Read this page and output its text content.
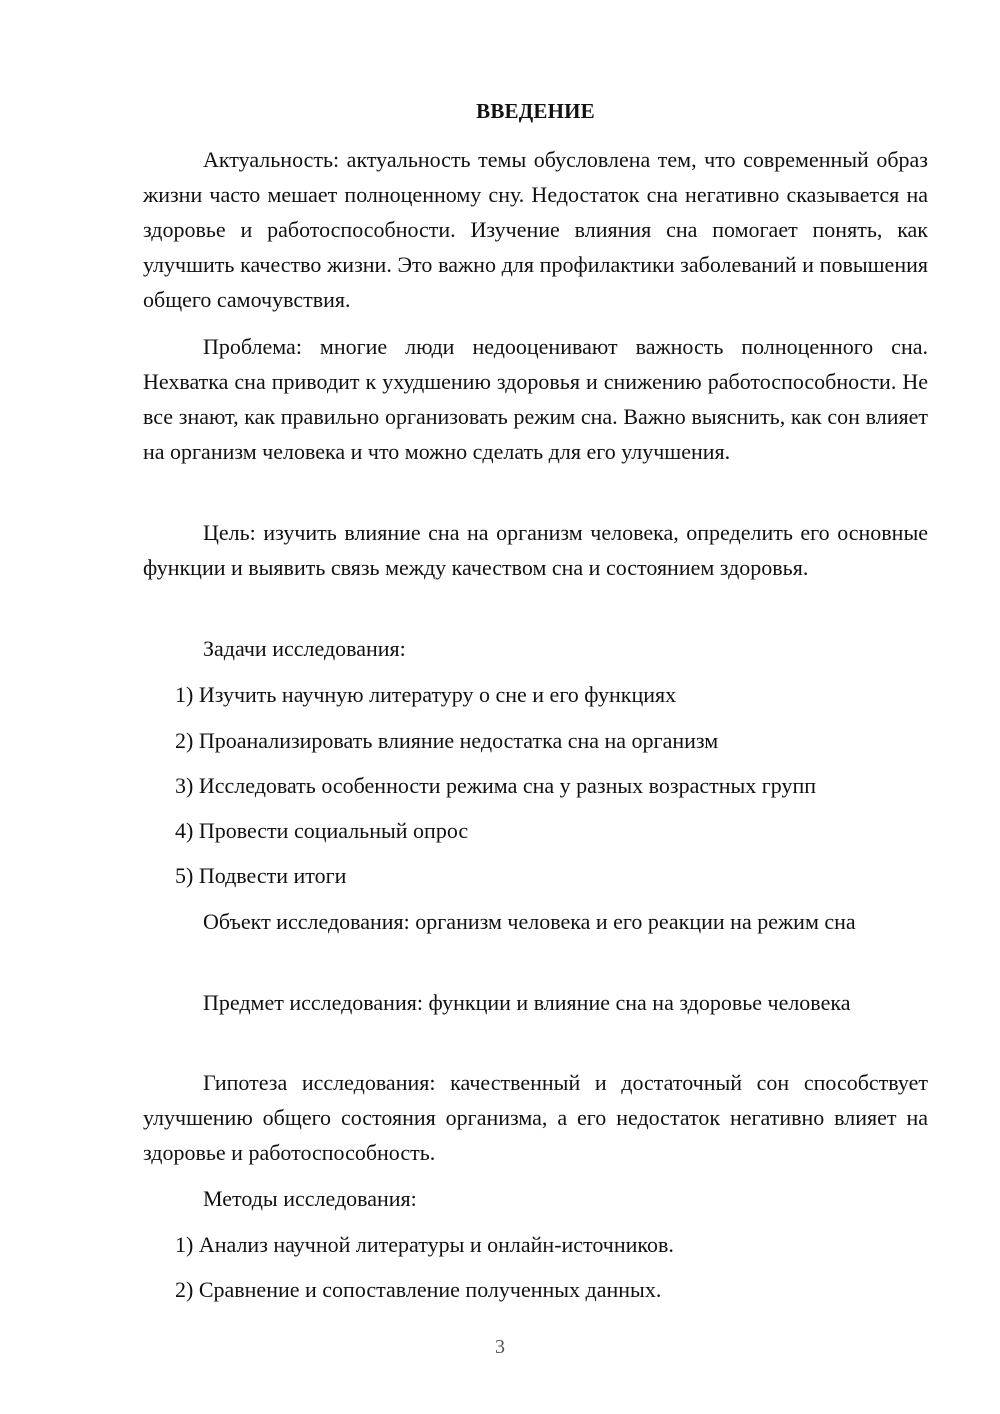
ВВЕДЕНИЕ

Актуальность: актуальность темы обусловлена тем, что современный образ жизни часто мешает полноценному сну. Недостаток сна негативно сказывается на здоровье и работоспособности. Изучение влияния сна помогает понять, как улучшить качество жизни. Это важно для профилактики заболеваний и повышения общего самочувствия.

Проблема: многие люди недооценивают важность полноценного сна. Нехватка сна приводит к ухудшению здоровья и снижению работоспособности. Не все знают, как правильно организовать режим сна. Важно выяснить, как сон влияет на организм человека и что можно сделать для его улучшения.

Цель: изучить влияние сна на организм человека, определить его основные функции и выявить связь между качеством сна и состоянием здоровья.

Задачи исследования:

1) Изучить научную литературу о сне и его функциях

2) Проанализировать влияние недостатка сна на организм

3) Исследовать особенности режима сна у разных возрастных групп

4) Провести социальный опрос

5) Подвести итоги

Объект исследования: организм человека и его реакции на режим сна

Предмет исследования: функции и влияние сна на здоровье человека

Гипотеза исследования: качественный и достаточный сон способствует улучшению общего состояния организма, а его недостаток негативно влияет на здоровье и работоспособность.

Методы исследования:

1) Анализ научной литературы и онлайн-источников.

2) Сравнение и сопоставление полученных данных.

3
